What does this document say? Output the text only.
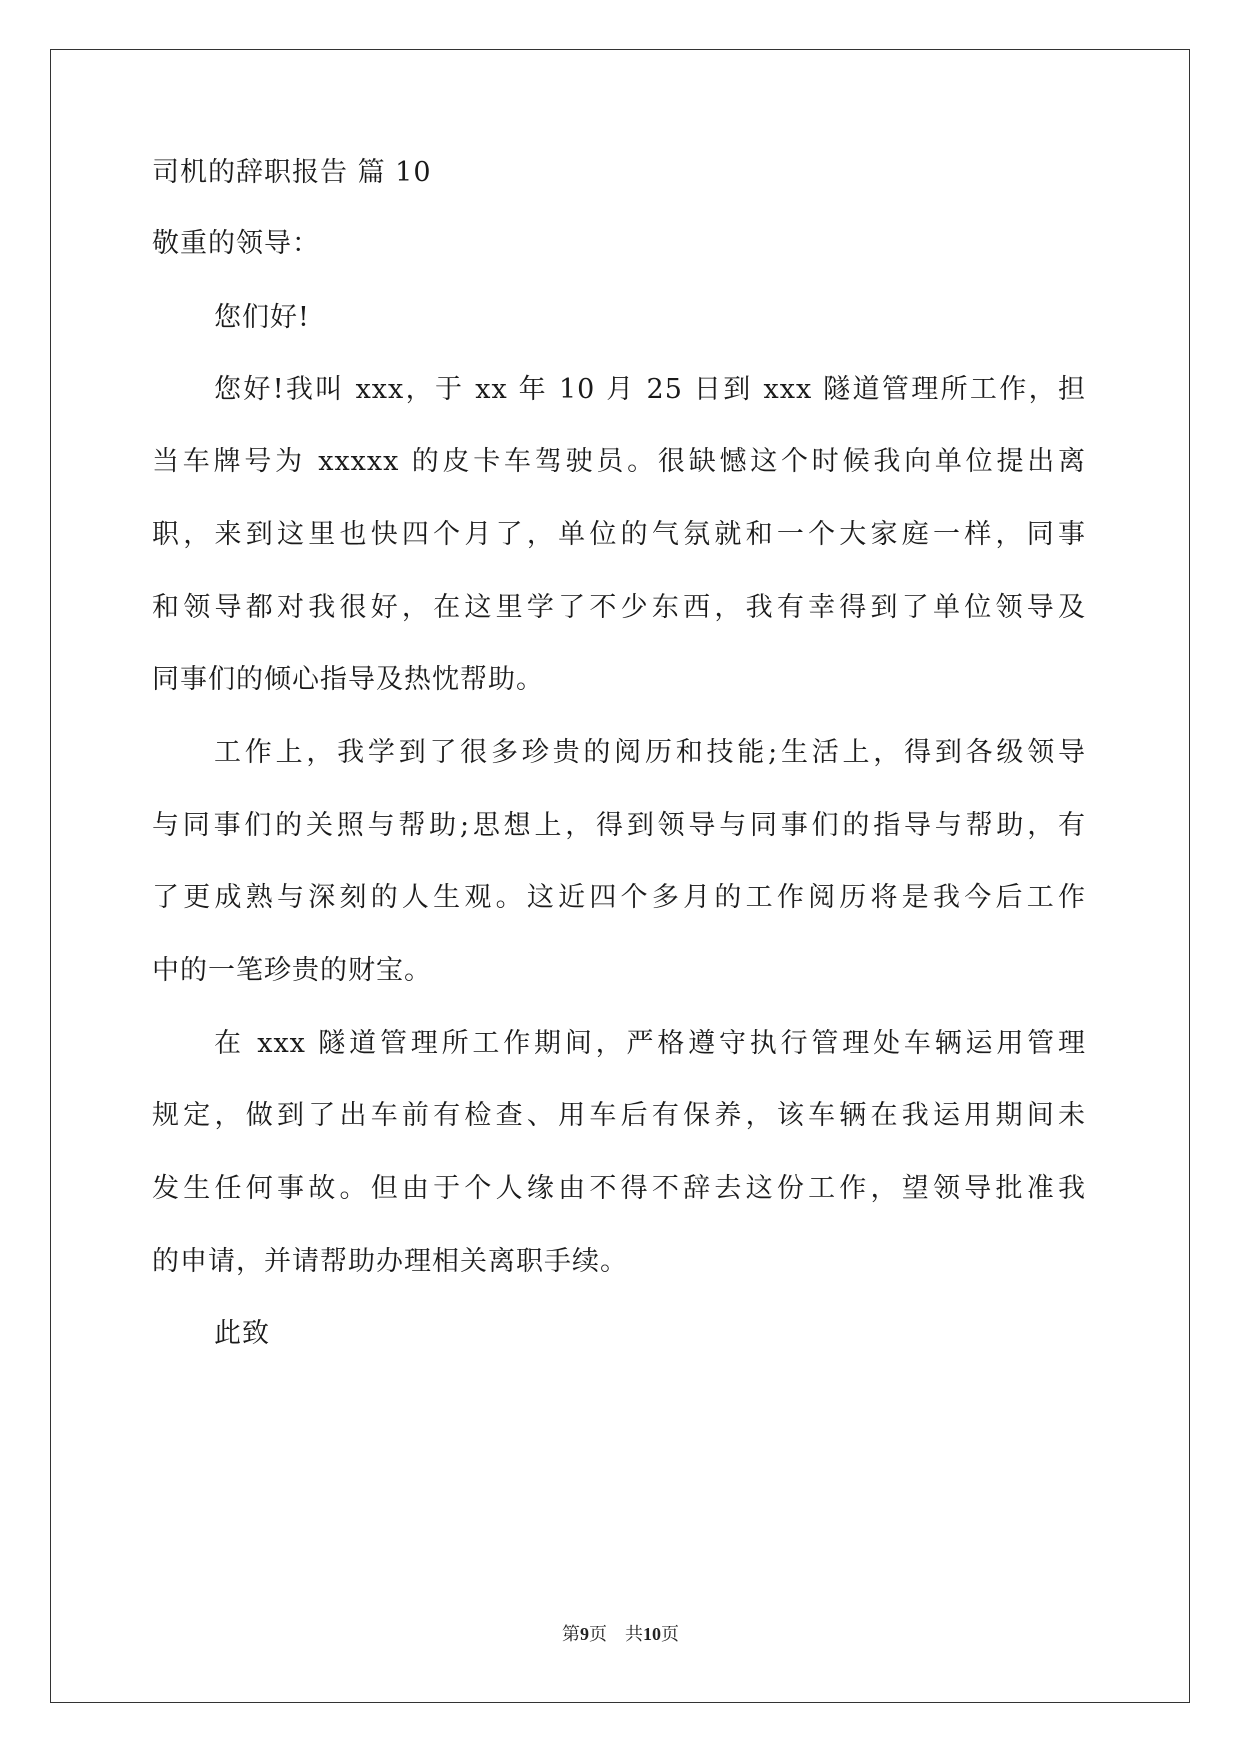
司机的辞职报告 篇 10
敬重的领导：
您们好!
您好!我叫 xxx，于 xx 年 10 月 25 日到 xxx 隧道管理所工作，担
当车牌号为 xxxxx 的皮卡车驾驶员。很缺憾这个时候我向单位提出离
职，来到这里也快四个月了，单位的气氛就和一个大家庭一样，同事
和领导都对我很好，在这里学了不少东西，我有幸得到了单位领导及
同事们的倾心指导及热忱帮助。
工作上，我学到了很多珍贵的阅历和技能;生活上，得到各级领导
与同事们的关照与帮助;思想上，得到领导与同事们的指导与帮助，有
了更成熟与深刻的人生观。这近四个多月的工作阅历将是我今后工作
中的一笔珍贵的财宝。
在 xxx 隧道管理所工作期间，严格遵守执行管理处车辆运用管理
规定，做到了出车前有检查、用车后有保养，该车辆在我运用期间未
发生任何事故。但由于个人缘由不得不辞去这份工作，望领导批准我
的申请，并请帮助办理相关离职手续。
此致
第9页　共10页
